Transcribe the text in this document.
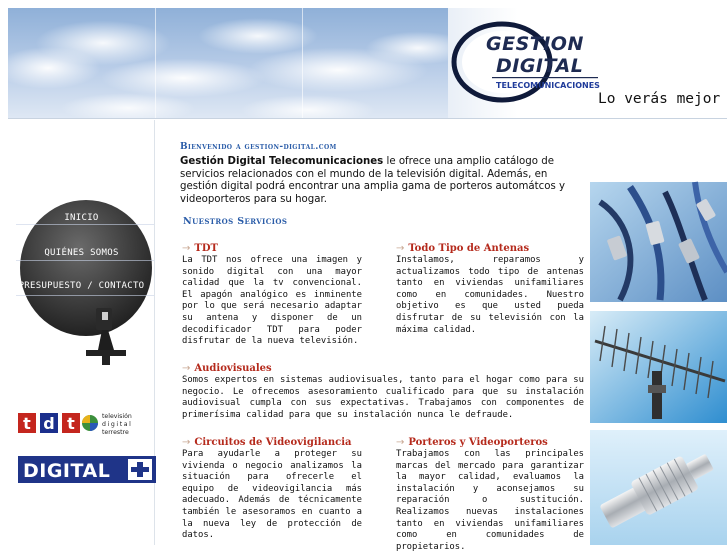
GESTION
DIGITAL
TELECOMUNICACIONES
Lo verás mejor
INICIO
QUIÉNES SOMOS
PRESUPUESTO / CONTACTO
t d t	televisión
digital
terrestre
DIGITAL
Bienvenido a gestion-digital.com

Gestión Digital Telecomunicaciones le ofrece una amplio catálogo de servicios relacionados con el mundo de la televisión digital. Además, en gestión digital podrá encontrar una amplia gama de porteros automátcos y videoporteros para su hogar.

Nuestros Servicios
→ TDT
La TDT nos ofrece una imagen y sonido digital con una mayor calidad que la tv convencional. El apagón analógico es inminente por lo que será necesario adaptar su antena y disponer de un decodificador TDT para poder disfrutar de la nueva televisión.
→ Todo Tipo de Antenas
Instalamos, reparamos y actualizamos todo tipo de antenas tanto en viviendas unifamiliares como en comunidades. Nuestro objetivo es que usted pueda disfrutar de su televisión con la máxima calidad.
→ Audiovisuales
Somos expertos en sistemas audiovisuales, tanto para el hogar como para su negocio. Le ofrecemos asesoramiento cualificado para que su instalación audiovisual cumpla con sus expectativas. Trabajamos con componentes de primerísima calidad para que su instalación nunca le defraude.
→ Circuitos de Videovigilancia
Para ayudarle a proteger su vivienda o negocio analizamos la situación para ofrecerle el equipo de videovigilancia más adecuado. Además de técnicamente también le asesoramos en cuanto a la nueva ley de protección de datos.
→ Porteros y Videoporteros
Trabajamos con las principales marcas del mercado para garantizar la mayor calidad, evaluamos la instalación y aconsejamos su reparación o sustitución. Realizamos nuevas instalaciones tanto en viviendas unifamiliares como en comunidades de propietarios.
